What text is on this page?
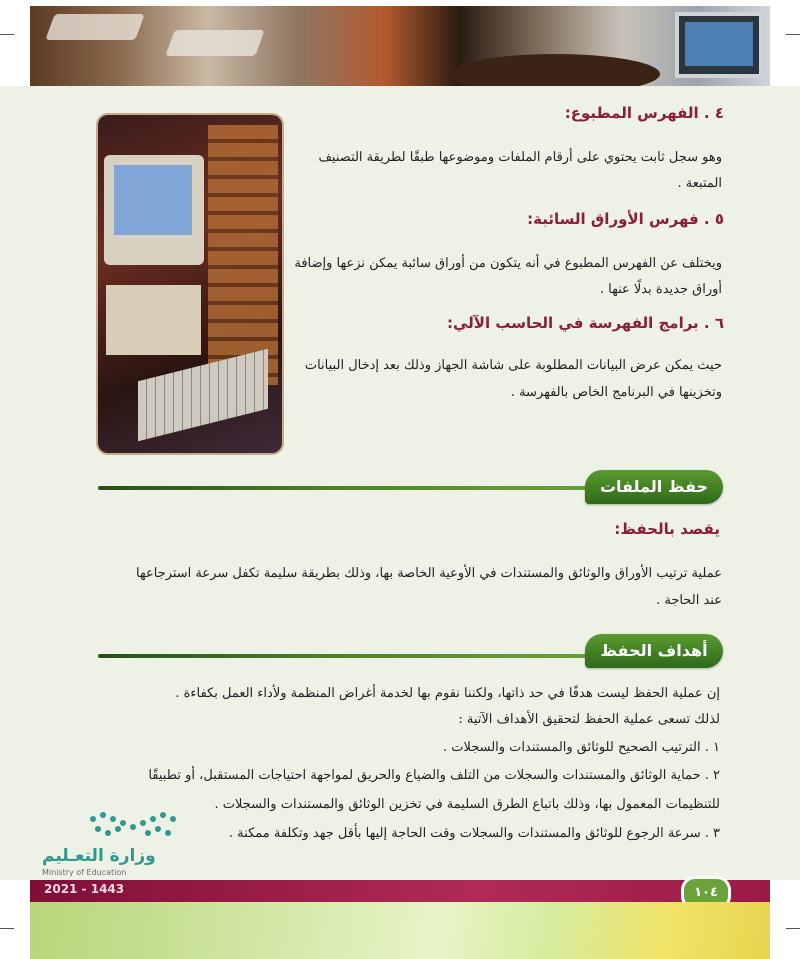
٤ . الفهرس المطبوع:
وهو سجل ثابت يحتوي على أرقام الملفات وموضوعها طبقًا لطريقة التصنيف
المتبعة .
٥ . فهرس الأوراق السائبة:
ويختلف عن الفهرس المطبوع في أنه يتكون من أوراق سائبة يمكن نزعها وإضافة
أوراق جديدة بدلًا عنها .
٦ . برامج الفهرسة في الحاسب الآلي:
حيث يمكن عرض البيانات المطلوبة على شاشة الجهاز وذلك بعد إدخال البيانات
وتخزينها في البرنامج الخاص بالفهرسة .
حفظ الملفات
يقصد بالحفظ:
عملية ترتيب الأوراق والوثائق والمستندات في الأوعية الخاصة بها، وذلك بطريقة سليمة تكفل سرعة استرجاعها
عند الحاجة .
أهداف الحفظ
إن عملية الحفظ ليست هدفًا في حد ذاتها، ولكننا نقوم بها لخدمة أغراض المنظمة ولأداء العمل بكفاءة .
لذلك تسعى عملية الحفظ لتحقيق الأهداف الآتية :
١ . الترتيب الصحيح للوثائق والمستندات والسجلات .
٢ . حماية الوثائق والمستندات والسجلات من التلف والضياع والحريق لمواجهة احتياجات المستقبل، أو تطبيقًا
للتنظيمات المعمول بها، وذلك باتباع الطرق السليمة في تخزين الوثائق والمستندات والسجلات .
٣ . سرعة الرجوع للوثائق والمستندات والسجلات وقت الحاجة إليها بأقل جهد وتكلفة ممكنة .
وزارة التعـليم
Ministry of Education
2021 - 1443	١٠٤
